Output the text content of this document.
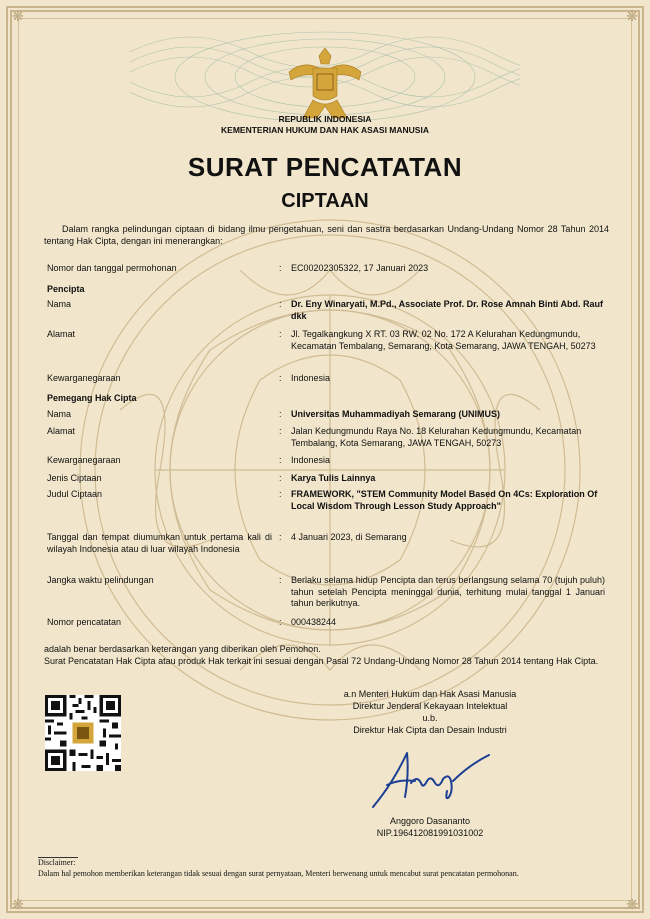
❋	❋
❋	❋
REPUBLIK INDONESIA
KEMENTERIAN HUKUM DAN HAK ASASI MANUSIA
SURAT PENCATATAN
CIPTAAN
Dalam rangka pelindungan ciptaan di bidang ilmu pengetahuan, seni dan sastra berdasarkan Undang-Undang Nomor 28 Tahun 2014 tentang Hak Cipta, dengan ini menerangkan:
Nomor dan tanggal permohonan	: EC00202305322, 17 Januari 2023
Pencipta
Nama	: Dr. Eny Winaryati, M.Pd., Associate Prof. Dr. Rose Amnah Binti Abd. Rauf dkk
Alamat	: Jl. Tegalkangkung X RT. 03 RW. 02 No. 172 A Kelurahan Kedungmundu, Kecamatan Tembalang, Semarang, Kota Semarang, JAWA TENGAH, 50273
Kewarganegaraan	: Indonesia
Pemegang Hak Cipta
Nama	: Universitas Muhammadiyah Semarang (UNIMUS)
Alamat	: Jalan Kedungmundu Raya No. 18 Kelurahan Kedungmundu, Kecamatan Tembalang, Kota Semarang, JAWA TENGAH, 50273
Kewarganegaraan	: Indonesia
Jenis Ciptaan	: Karya Tulis Lainnya
Judul Ciptaan	: FRAMEWORK, "STEM Community Model Based On 4Cs: Exploration Of Local Wisdom Through Lesson Study Approach"
Tanggal dan tempat diumumkan untuk pertama kali di wilayah Indonesia atau di luar wilayah Indonesia
: 4 Januari 2023, di Semarang
Jangka waktu pelindungan	: Berlaku selama hidup Pencipta dan terus berlangsung selama 70 (tujuh puluh) tahun setelah Pencipta meninggal dunia, terhitung mulai tanggal 1 Januari tahun berikutnya.
Nomor pencatatan	: 000438244
adalah benar berdasarkan keterangan yang diberikan oleh Pemohon.
Surat Pencatatan Hak Cipta atau produk Hak terkait ini sesuai dengan Pasal 72 Undang-Undang Nomor 28 Tahun 2014 tentang Hak Cipta.
a.n Menteri Hukum dan Hak Asasi Manusia
Direktur Jenderal Kekayaan Intelektual
u.b.
Direktur Hak Cipta dan Desain Industri
Anggoro Dasananto
NIP.196412081991031002
Disclaimer:
Dalam hal pemohon memberikan keterangan tidak sesuai dengan surat pernyataan, Menteri berwenang untuk mencabut surat pencatatan permohonan.
